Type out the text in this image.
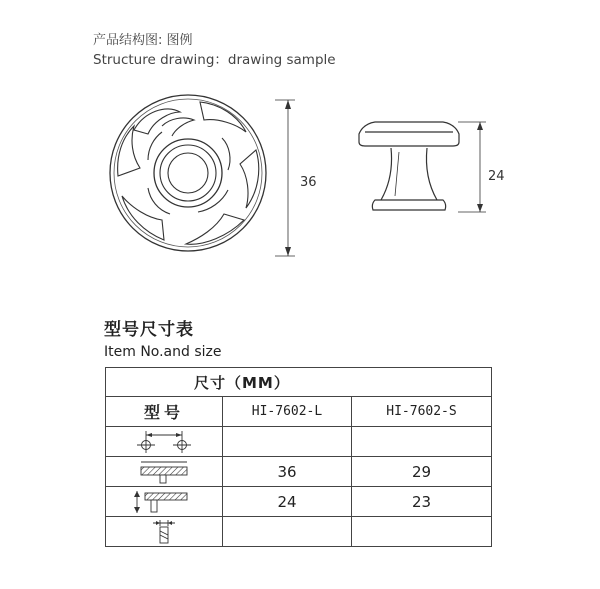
产品结构图: 图例
Structure drawing：drawing sample
36	24
型号尺寸表
Item No.and size
尺寸（MM）		
型号	HI-7602-L	HI-7602-S

	36	29

	24	23
